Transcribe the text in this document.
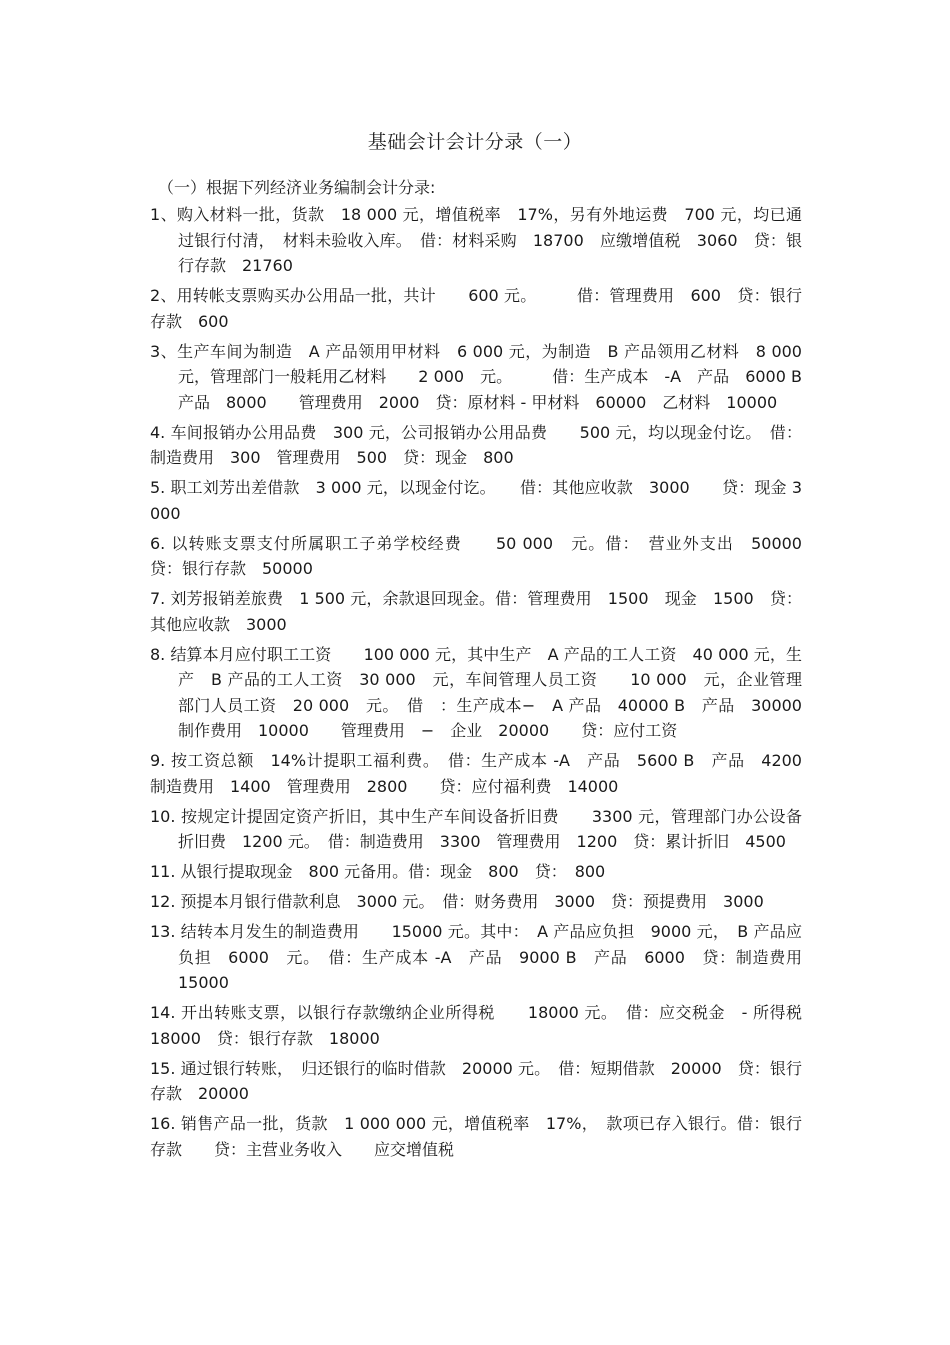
基础会计会计分录（一）

（一）根据下列经济业务编制会计分录:

1、购入材料一批，货款　18 000 元，增值税率　17%，另有外地运费　700 元，均已通过银行付清，　材料未验收入库。　借：材料采购　18700　应缴增值税　3060　贷：银行存款　21760
2、用转帐支票购买办公用品一批，共计　　600 元。　　　借：管理费用　600　贷：银行存款　600
3、生产车间为制造　A 产品领用甲材料　6 000 元，为制造　B 产品领用乙材料　8 000 元，管理部门一般耗用乙材料　　2 000　元。　　　借：生产成本　-A　产品　6000 B　产品　8000　　管理费用　2000　贷：原材料 - 甲材料　60000　乙材料　10000
4. 车间报销办公用品费　300 元，公司报销办公用品费　　500 元，均以现金付讫。　借：制造费用　300　管理费用　500　贷：现金　800
5. 职工刘芳出差借款　3 000 元，以现金付讫。　　借：其他应收款　3000　　贷：现金 3000
6. 以转账支票支付所属职工子弟学校经费　　50 000　元。借：　营业外支出　50000　贷：银行存款　50000
7. 刘芳报销差旅费　1 500 元，余款退回现金。借：管理费用　1500　现金　1500　贷：其他应收款　3000
8. 结算本月应付职工工资　　100 000 元，其中生产　A 产品的工人工资　40 000 元，生产　B 产品的工人工资　30 000　元，车间管理人员工资　　10 000　元，企业管理部门人员工资　20 000　元。　借　：生产成本−　A 产品　40000 B　产品　30000　制作费用　10000　　管理费用　−　企业　20000　　贷：应付工资
9. 按工资总额　14%计提职工福利费。　借：生产成本 -A　产品　5600 B　产品　4200　制造费用　1400　管理费用　2800　　贷：应付福利费　14000
10. 按规定计提固定资产折旧，其中生产车间设备折旧费　　3300 元，管理部门办公设备折旧费　1200 元。　借：制造费用　3300　管理费用　1200　贷：累计折旧　4500
11. 从银行提取现金　800 元备用。借：现金　800　贷：　800
12. 预提本月银行借款利息　3000 元。　借：财务费用　3000　贷：预提费用　3000
13. 结转本月发生的制造费用　　15000 元。其中：　A 产品应负担　9000 元，　B 产品应负担　6000　元。　借：生产成本 -A　产品　9000 B　产品　6000　贷：制造费用　15000
14. 开出转账支票，以银行存款缴纳企业所得税　　18000 元。　借：应交税金　- 所得税　18000　贷：银行存款　18000
15. 通过银行转账，　归还银行的临时借款　20000 元。　借：短期借款　20000　贷：银行存款　20000
16. 销售产品一批，货款　1 000 000 元，增值税率　17%，　款项已存入银行。借：银行存款　　贷：主营业务收入　　应交增值税
